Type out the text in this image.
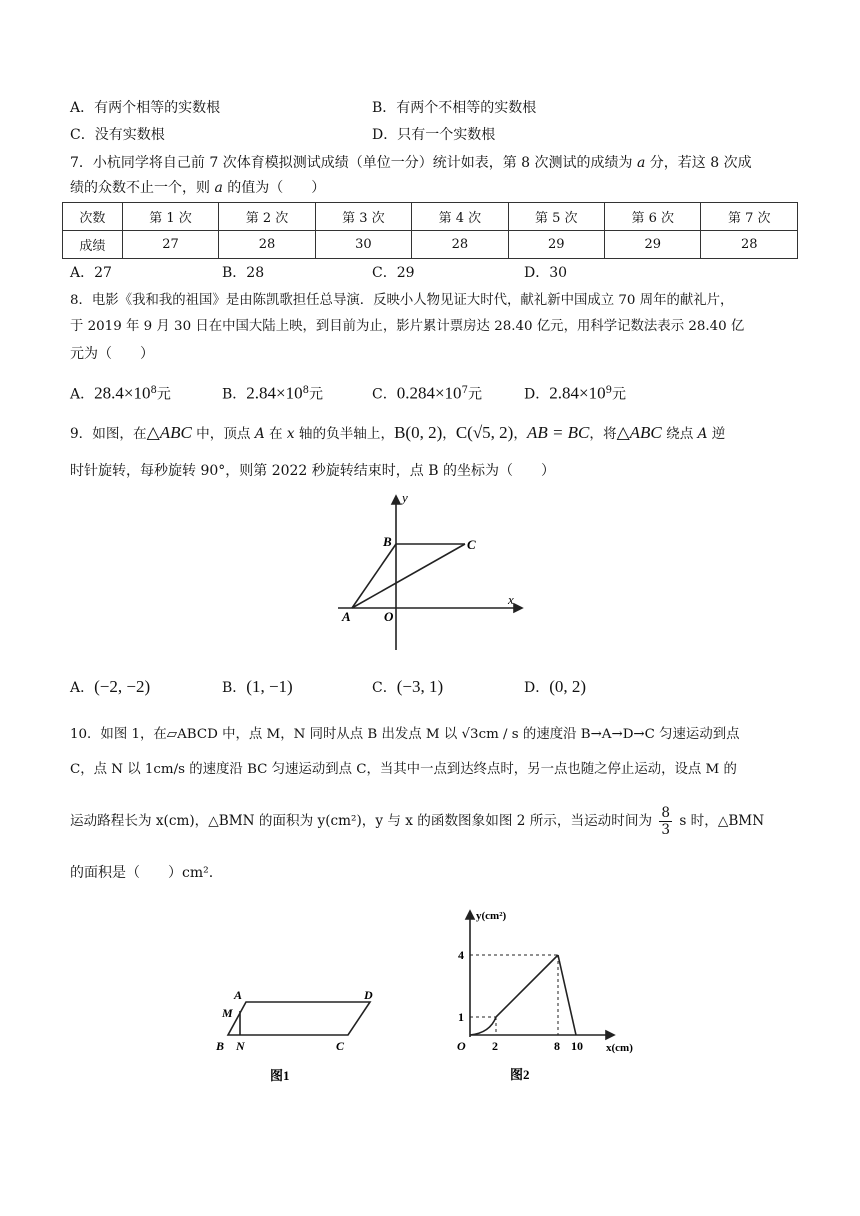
A．有两个相等的实数根	B．有两个不相等的实数根
C．没有实数根	D．只有一个实数根
7．小杭同学将自己前 7 次体育模拟测试成绩（单位一分）统计如表，第 8 次测试的成绩为 a 分，若这 8 次成
绩的众数不止一个，则 a 的值为（　　）
次数	第 1 次	第 2 次	第 3 次	第 4 次	第 5 次	第 6 次	第 7 次
成绩	27	28	30	28	29	29	28
A．27	B．28	C．29	D．30
8．电影《我和我的祖国》是由陈凯歌担任总导演．反映小人物见证大时代，献礼新中国成立 70 周年的献礼片，
于 2019 年 9 月 30 日在中国大陆上映，到目前为止，影片累计票房达 28.40 亿元，用科学记数法表示 28.40 亿
元为（　　）
A．$28.4\times 10^8$元	B．$2.84\times 10^8$元	C．$0.284\times 10^7$元	D．$2.84\times 10^9$元
9．如图，在△ABC 中，顶点 A 在 x 轴的负半轴上，B(0, 2)，C(√5, 2)，AB = BC，将△ABC 绕点 A 逆
时针旋转，每秒旋转 90°，则第 2022 秒旋转结束时，点 B 的坐标为（　　）
y
x
O
A
B	C
A．(−2, −2)	B．(1, −1)	C．(−3, 1)	D．(0, 2)
10．如图 1，在▱ABCD 中，点 M，N 同时从点 B 出发点 M 以 √3cm / s 的速度沿 B→A→D→C 匀速运动到点
C，点 N 以 1cm/s 的速度沿 BC 匀速运动到点 C，当其中一点到达终点时，另一点也随之停止运动，设点 M 的
运动路程长为 x(cm)，△BMN 的面积为 y(cm²)，y 与 x 的函数图象如图 2 所示，当运动时间为 $\frac{8}{3}$ s 时，△BMN
的面积是（　　）cm².
A	D
M
B N	C
图1
y(cm²)
x(cm)
O
4
1
2	8 10
图2
